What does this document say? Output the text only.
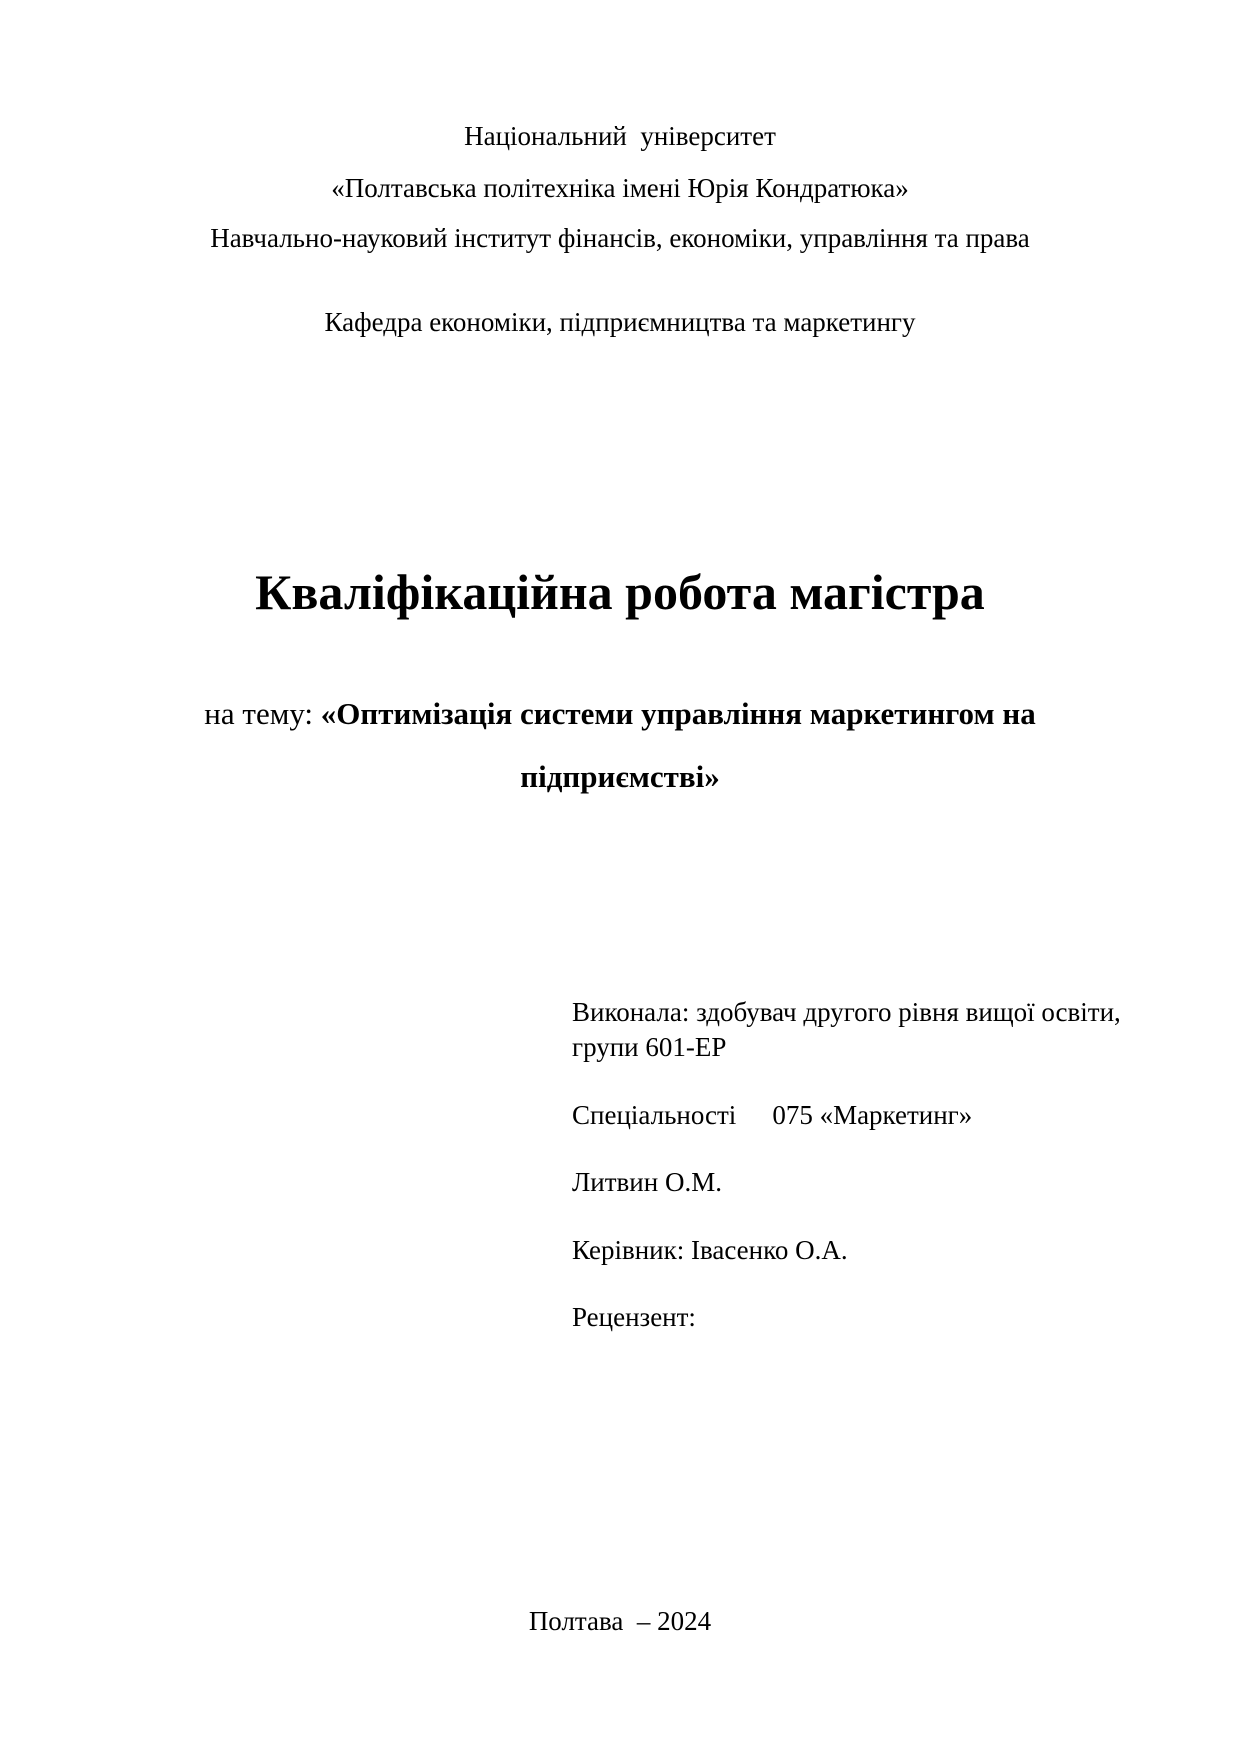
Національний  університет
«Полтавська політехніка імені Юрія Кондратюка»
Навчально-науковий інститут фінансів, економіки, управління та права
Кафедра економіки, підприємництва та маркетингу
Кваліфікаційна робота магістра
на тему: «Оптимізація системи управління маркетингом на
підприємстві»
Виконала: здобувач другого рівня вищої освіти,
групи 601-ЕР
Спеціальності 075 «Маркетинг»
Литвин О.М.
Керівник: Івасенко О.А.
Рецензент:
Полтава  – 2024
